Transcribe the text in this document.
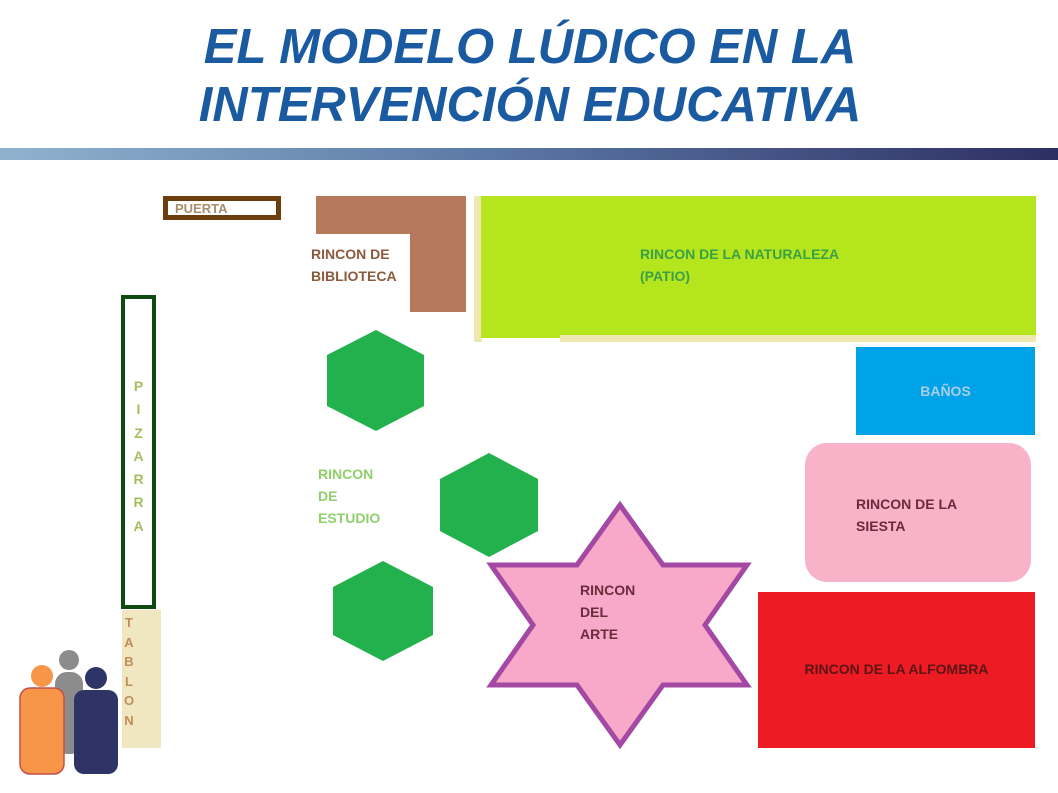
EL MODELO LÚDICO EN LA
INTERVENCIÓN EDUCATIVA
PUERTA
RINCON DE
BIBLIOTECA
RINCON DE LA NATURALEZA
(PATIO)
BAÑOS
RINCON DE LA
SIESTA
RINCON DE LA ALFOMBRA
P
I
Z
A
R
R
A
T
A
B
L
O
N
RINCON
DE
ESTUDIO
RINCON
DEL
ARTE
